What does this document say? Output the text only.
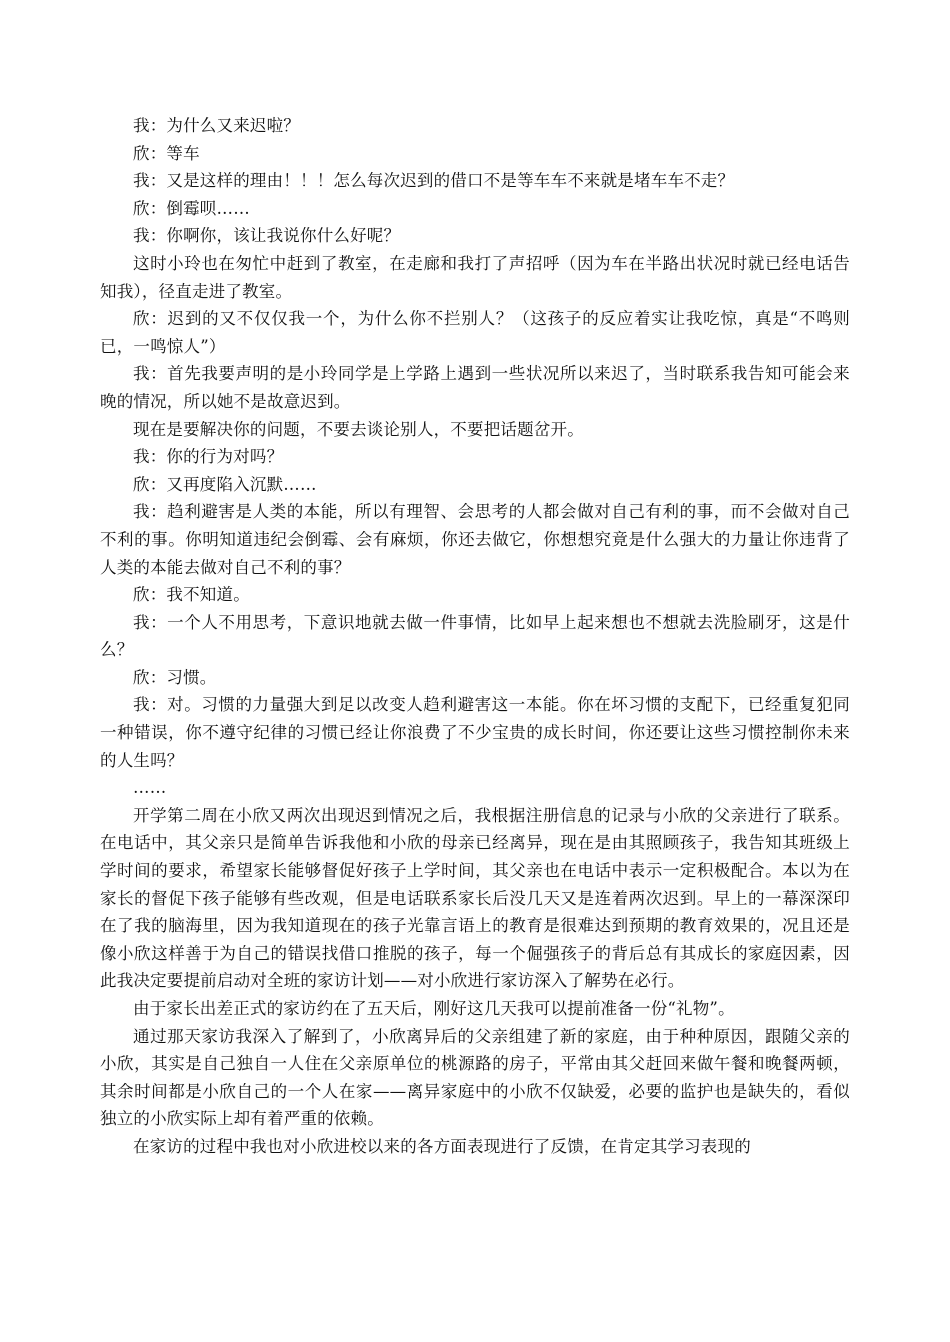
我：为什么又来迟啦？

欣：等车

我：又是这样的理由！！！怎么每次迟到的借口不是等车车不来就是堵车车不走？

欣：倒霉呗……

我：你啊你，该让我说你什么好呢？

这时小玲也在匆忙中赶到了教室，在走廊和我打了声招呼（因为车在半路出状况时就已经电话告知我），径直走进了教室。

欣：迟到的又不仅仅我一个，为什么你不拦别人？（这孩子的反应着实让我吃惊，真是“不鸣则已，一鸣惊人”）

我：首先我要声明的是小玲同学是上学路上遇到一些状况所以来迟了，当时联系我告知可能会来晚的情况，所以她不是故意迟到。

现在是要解决你的问题，不要去谈论别人，不要把话题岔开。

我：你的行为对吗？

欣：又再度陷入沉默……

我：趋利避害是人类的本能，所以有理智、会思考的人都会做对自己有利的事，而不会做对自己不利的事。你明知道违纪会倒霉、会有麻烦，你还去做它，你想想究竟是什么强大的力量让你违背了人类的本能去做对自己不利的事？

欣：我不知道。

我：一个人不用思考，下意识地就去做一件事情，比如早上起来想也不想就去洗脸刷牙，这是什么？

欣：习惯。

我：对。习惯的力量强大到足以改变人趋利避害这一本能。你在坏习惯的支配下，已经重复犯同一种错误，你不遵守纪律的习惯已经让你浪费了不少宝贵的成长时间，你还要让这些习惯控制你未来的人生吗？

……

开学第二周在小欣又两次出现迟到情况之后，我根据注册信息的记录与小欣的父亲进行了联系。在电话中，其父亲只是简单告诉我他和小欣的母亲已经离异，现在是由其照顾孩子，我告知其班级上学时间的要求，希望家长能够督促好孩子上学时间，其父亲也在电话中表示一定积极配合。本以为在家长的督促下孩子能够有些改观，但是电话联系家长后没几天又是连着两次迟到。早上的一幕深深印在了我的脑海里，因为我知道现在的孩子光靠言语上的教育是很难达到预期的教育效果的，况且还是像小欣这样善于为自己的错误找借口推脱的孩子，每一个倔强孩子的背后总有其成长的家庭因素，因此我决定要提前启动对全班的家访计划——对小欣进行家访深入了解势在必行。

由于家长出差正式的家访约在了五天后，刚好这几天我可以提前准备一份“礼物”。

通过那天家访我深入了解到了，小欣离异后的父亲组建了新的家庭，由于种种原因，跟随父亲的小欣，其实是自己独自一人住在父亲原单位的桃源路的房子，平常由其父赶回来做午餐和晚餐两顿，其余时间都是小欣自己的一个人在家——离异家庭中的小欣不仅缺爱，必要的监护也是缺失的，看似独立的小欣实际上却有着严重的依赖。

在家访的过程中我也对小欣进校以来的各方面表现进行了反馈，在肯定其学习表现的
